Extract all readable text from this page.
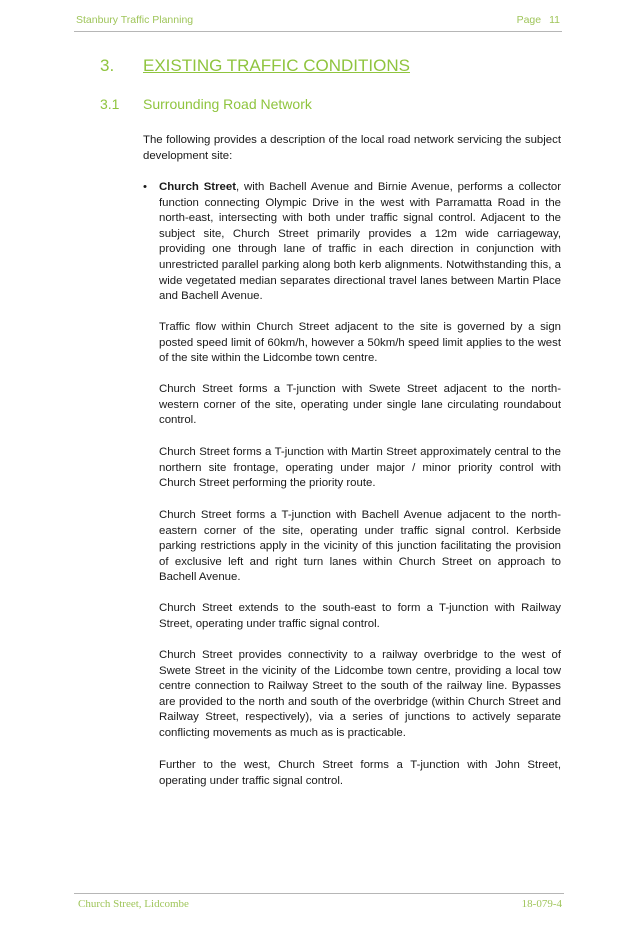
Stanbury Traffic Planning	Page 11
3. EXISTING TRAFFIC CONDITIONS
3.1 Surrounding Road Network
The following provides a description of the local road network servicing the subject development site:
• Church Street, with Bachell Avenue and Birnie Avenue, performs a collector function connecting Olympic Drive in the west with Parramatta Road in the north-east, intersecting with both under traffic signal control. Adjacent to the subject site, Church Street primarily provides a 12m wide carriageway, providing one through lane of traffic in each direction in conjunction with unrestricted parallel parking along both kerb alignments. Notwithstanding this, a wide vegetated median separates directional travel lanes between Martin Place and Bachell Avenue.
Traffic flow within Church Street adjacent to the site is governed by a sign posted speed limit of 60km/h, however a 50km/h speed limit applies to the west of the site within the Lidcombe town centre.
Church Street forms a T-junction with Swete Street adjacent to the north-western corner of the site, operating under single lane circulating roundabout control.
Church Street forms a T-junction with Martin Street approximately central to the northern site frontage, operating under major / minor priority control with Church Street performing the priority route.
Church Street forms a T-junction with Bachell Avenue adjacent to the north-eastern corner of the site, operating under traffic signal control. Kerbside parking restrictions apply in the vicinity of this junction facilitating the provision of exclusive left and right turn lanes within Church Street on approach to Bachell Avenue.
Church Street extends to the south-east to form a T-junction with Railway Street, operating under traffic signal control.
Church Street provides connectivity to a railway overbridge to the west of Swete Street in the vicinity of the Lidcombe town centre, providing a local tow centre connection to Railway Street to the south of the railway line. Bypasses are provided to the north and south of the overbridge (within Church Street and Railway Street, respectively), via a series of junctions to actively separate conflicting movements as much as is practicable.
Further to the west, Church Street forms a T-junction with John Street, operating under traffic signal control.
Church Street, Lidcombe	18-079-4
